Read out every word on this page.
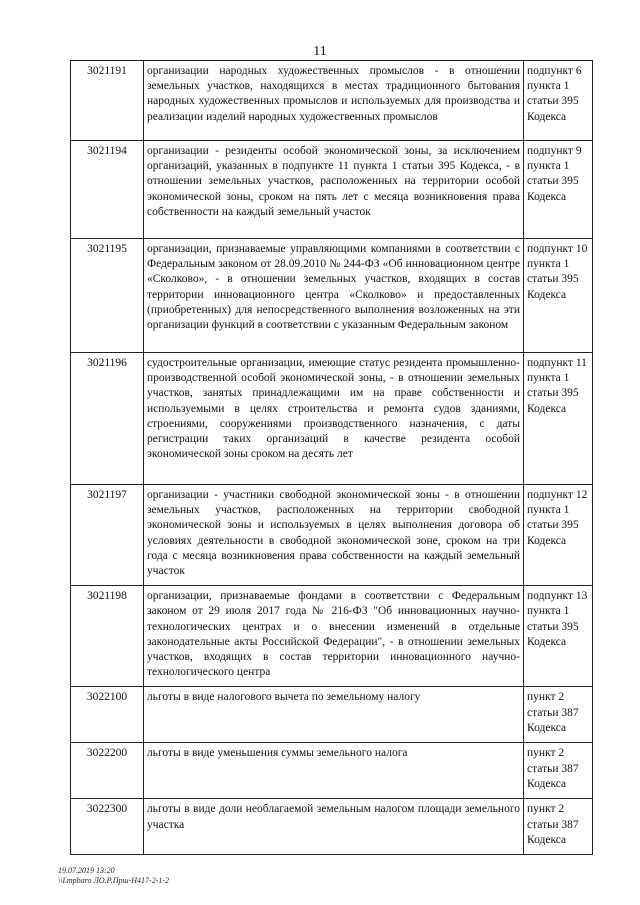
11
3021191	организации народных художественных промыслов - в отношении земельных участков, находящихся в местах традиционного бытования народных художественных промыслов и используемых для производства и реализации изделий народных художественных промыслов	подпункт 6 пункта 1 статьи 395 Кодекса
3021194	организации - резиденты особой экономической зоны, за исключением организаций, указанных в подпункте 11 пункта 1 статьи 395 Кодекса, - в отношении земельных участков, расположенных на территории особой экономической зоны, сроком на пять лет с месяца возникновения права собственности на каждый земельный участок	подпункт 9 пункта 1 статьи 395 Кодекса
3021195	организации, признаваемые управляющими компаниями в соответствии с Федеральным законом от 28.09.2010 № 244-ФЗ «Об инновационном центре «Сколково», - в отношении земельных участков, входящих в состав территории инновационного центра «Сколково» и предоставленных (приобретенных) для непосредственного выполнения возложенных на эти организации функций в соответствии с указанным Федеральным законом	подпункт 10 пункта 1 статьи 395 Кодекса
3021196	судостроительные организации, имеющие статус резидента промышленно-производственной особой экономической зоны, - в отношении земельных участков, занятых принадлежащими им на праве собственности и используемыми в целях строительства и ремонта судов зданиями, строениями, сооружениями производственного назначения, с даты регистрации таких организаций в качестве резидента особой экономической зоны сроком на десять лет	подпункт 11 пункта 1 статьи 395 Кодекса
3021197	организации - участники свободной экономической зоны - в отношении земельных участков, расположенных на территории свободной экономической зоны и используемых в целях выполнения договора об условиях деятельности в свободной экономической зоне, сроком на три года с месяца возникновения права собственности на каждый земельный участок	подпункт 12 пункта 1 статьи 395 Кодекса
3021198	организации, признаваемые фондами в соответствии с Федеральным законом от 29 июля 2017 года № 216-ФЗ "Об инновационных научно-технологических центрах и о внесении изменений в отдельные законодательные акты Российской Федерации", - в отношении земельных участков, входящих в состав территории инновационного научно-технологического центра	подпункт 13 пункта 1 статьи 395 Кодекса
3022100	льготы в виде налогового вычета по земельному налогу	пункт 2 статьи 387 Кодекса
3022200	льготы в виде уменьшения суммы земельного налога	пункт 2 статьи 387 Кодекса
3022300	льготы в виде доли необлагаемой земельным налогом площади земельного участка	пункт 2 статьи 387 Кодекса
19.07.2019 13:20
\\Lmpbaro ЛО.Р.Прш-Н417-2-1-2
